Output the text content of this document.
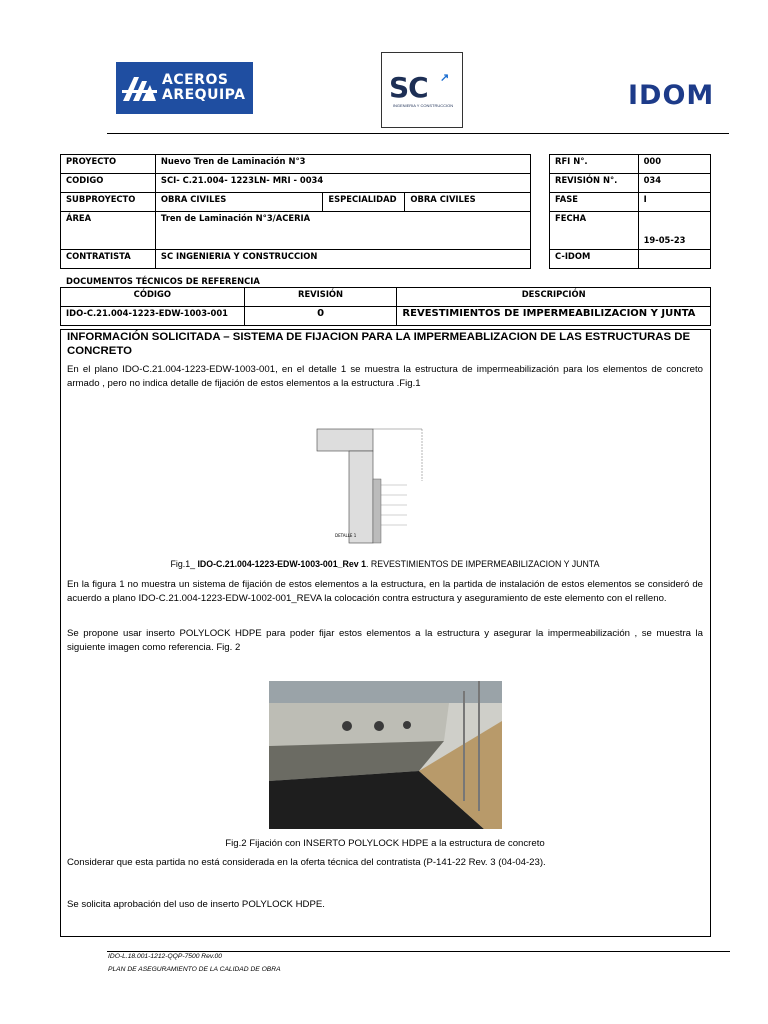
ACEROS
AREQUIPA	SC ↗
INGENIERIA Y CONSTRUCCION	IDOM
PROYECTO	Nuevo Tren de Laminación N°3		
CODIGO	SCI- C.21.004- 1223LN- MRI - 0034		
SUBPROYECTO	OBRA CIVILES	ESPECIALIDAD	OBRA CIVILES
ÁREA	Tren de Laminación N°3/ACERIA		
CONTRATISTA	SC INGENIERIA Y CONSTRUCCION		
RFI N°.	000
REVISIÓN N°.	034
FASE	I
FECHA	19-05-23
C-IDOM	
DOCUMENTOS TÉCNICOS DE REFERENCIA
CÓDIGO	REVISIÓN	DESCRIPCIÓN
IDO-C.21.004-1223-EDW-1003-001	0	REVESTIMIENTOS DE IMPERMEABILIZACION Y JUNTA
INFORMACIÓN SOLICITADA – SISTEMA DE FIJACION PARA LA IMPERMEABLIZACION DE LAS ESTRUCTURAS DE CONCRETO
En el plano IDO-C.21.004-1223-EDW-1003-001, en el detalle 1 se muestra la estructura de impermeabilización para los elementos de concreto armado , pero no indica detalle de fijación de estos elementos a la estructura .Fig.1
DETALLE 1
Fig.1_ IDO-C.21.004-1223-EDW-1003-001_Rev 1. REVESTIMIENTOS DE IMPERMEABILIZACION Y JUNTA
En la figura 1 no muestra un sistema de fijación de estos elementos a la estructura, en la partida de instalación de estos elementos se consideró de acuerdo a plano IDO-C.21.004-1223-EDW-1002-001_REVA la colocación contra estructura y aseguramiento de este elemento con el relleno.
Se propone usar inserto POLYLOCK HDPE para poder fijar estos elementos a la estructura y asegurar la impermeabilización , se muestra la siguiente imagen como referencia. Fig. 2
Fig.2 Fijación con INSERTO POLYLOCK HDPE a la estructura de concreto
Considerar que esta partida no está considerada en la oferta técnica del contratista (P-141-22 Rev. 3 (04-04-23).
Se solicita aprobación del uso de inserto POLYLOCK HDPE.
IDO-L.18.001-1212-QQP-7500 Rev.00
PLAN DE ASEGURAMIENTO DE LA CALIDAD DE OBRA
